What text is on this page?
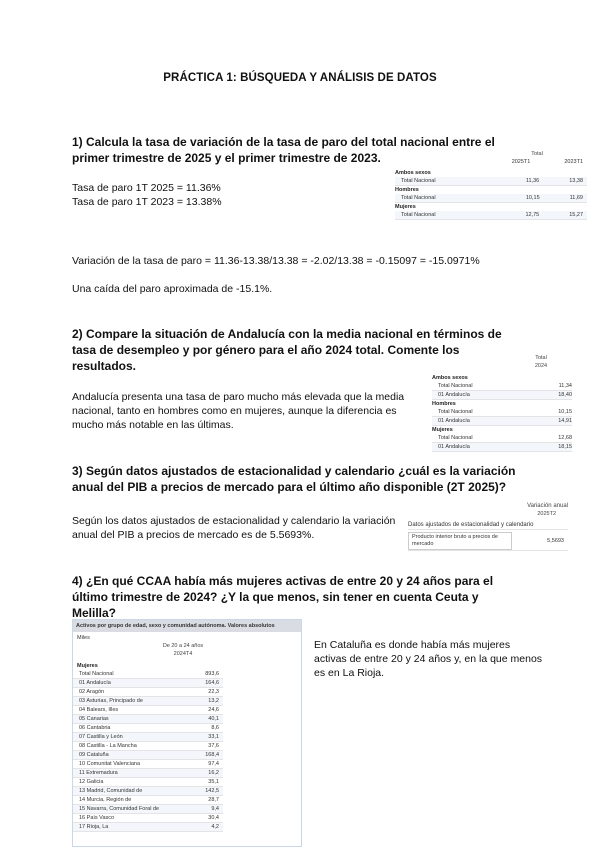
PRÁCTICA 1: BÚSQUEDA Y ANÁLISIS DE DATOS
1) Calcula la tasa de variación de la tasa de paro del total nacional entre el primer trimestre de 2025 y el primer trimestre de 2023.
Tasa de paro 1T 2025 = 11.36%
Tasa de paro 1T 2023 = 13.38%
Total
2025T1	2023T1
Ambos sexos
Total Nacional	11,36	13,38
Hombres
Total Nacional	10,15	11,69
Mujeres
Total Nacional	12,75	15,27
Variación de la tasa de paro = 11.36-13.38/13.38 = -2.02/13.38 = -0.15097 = -15.0971%
Una caída del paro aproximada de -15.1%.
2) Compare la situación de Andalucía con la media nacional en términos de tasa de desempleo y por género para el año 2024 total. Comente los resultados.
Andalucía presenta una tasa de paro mucho más elevada que la media nacional, tanto en hombres como en mujeres, aunque la diferencia es mucho más notable en las últimas.
Total
2024
Ambos sexos
Total Nacional	11,34
01 Andalucía	18,40
Hombres
Total Nacional	10,15
01 Andalucía	14,91
Mujeres
Total Nacional	12,68
01 Andalucía	18,15
3) Según datos ajustados de estacionalidad y calendario ¿cuál es la variación anual del PIB a precios de mercado para el último año disponible (2T 2025)?
Según los datos ajustados de estacionalidad y calendario la variación anual del PIB a precios de mercado es de 5.5693%.
Variación anual
2025T2
Datos ajustados de estacionalidad y calendario
Producto interior bruto a precios de mercado	5,5693
4) ¿En qué CCAA había más mujeres activas de entre 20 y 24 años para el último trimestre de 2024? ¿Y la que menos, sin tener en cuenta Ceuta y Melilla?
Activos por grupo de edad, sexo y comunidad autónoma. Valores absolutos
Miles
De 20 a 24 años
2024T4
Mujeres
Total Nacional	893,6
01 Andalucía	164,6
02 Aragón	22,3
03 Asturias, Principado de	13,2
04 Balears, Illes	24,6
05 Canarias	40,1
06 Cantabria	8,6
07 Castilla y León	33,1
08 Castilla - La Mancha	37,6
09 Cataluña	168,4
10 Comunitat Valenciana	97,4
11 Extremadura	16,2
12 Galicia	35,1
13 Madrid, Comunidad de	142,5
14 Murcia, Región de	28,7
15 Navarra, Comunidad Foral de	9,4
16 País Vasco	30,4
17 Rioja, La	4,2
En Cataluña es donde había más mujeres activas de entre 20 y 24 años y, en la que menos es en La Rioja.
